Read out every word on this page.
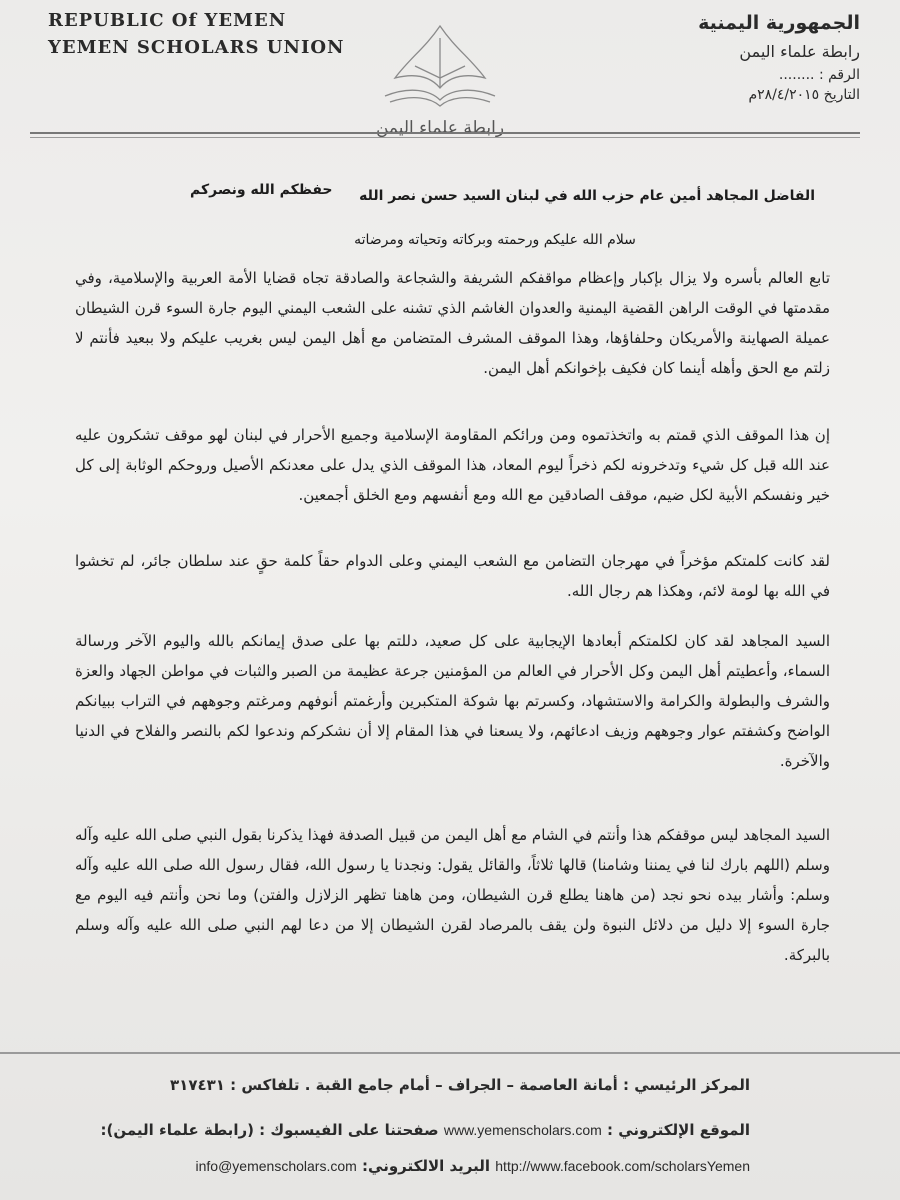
REPUBLIC Of YEMEN
YEMEN SCHOLARS UNION
رابطة علماء اليمن
الجمهورية اليمنية
رابطة علماء اليمن
الرقم : ........
التاريخ ٢٨/٤/٢٠١٥م
الفاضل المجاهد أمين عام حزب الله في لبنان السيد حسن نصر الله
حفظكم الله ونصركم
سلام الله عليكم ورحمته وبركاته وتحياته ومرضاته
تابع العالم بأسره ولا يزال بإكبار وإعظام مواقفكم الشريفة والشجاعة والصادقة تجاه قضايا الأمة العربية والإسلامية، وفي مقدمتها في الوقت الراهن القضية اليمنية والعدوان الغاشم الذي تشنه على الشعب اليمني اليوم جارة السوء قرن الشيطان عميلة الصهاينة والأمريكان وحلفاؤها، وهذا الموقف المشرف المتضامن مع أهل اليمن ليس بغريب عليكم ولا ببعيد فأنتم لا زلتم مع الحق وأهله أينما كان فكيف بإخوانكم أهل اليمن.
إن هذا الموقف الذي قمتم به واتخذتموه ومن ورائكم المقاومة الإسلامية وجميع الأحرار في لبنان لهو موقف تشكرون عليه عند الله قبل كل شيء وتدخرونه لكم ذخراً ليوم المعاد، هذا الموقف الذي يدل على معدنكم الأصيل وروحكم الوثابة إلى كل خير ونفسكم الأبية لكل ضيم، موقف الصادقين مع الله ومع أنفسهم ومع الخلق أجمعين.
لقد كانت كلمتكم مؤخراً في مهرجان التضامن مع الشعب اليمني وعلى الدوام حقاً كلمة حقٍ عند سلطان جائر، لم تخشوا في الله بها لومة لائم، وهكذا هم رجال الله.
السيد المجاهد لقد كان لكلمتكم أبعادها الإيجابية على كل صعيد، دللتم بها على صدق إيمانكم بالله واليوم الآخر ورسالة السماء، وأعطيتم أهل اليمن وكل الأحرار في العالم من المؤمنين جرعة عظيمة من الصبر والثبات في مواطن الجهاد والعزة والشرف والبطولة والكرامة والاستشهاد، وكسرتم بها شوكة المتكبرين وأرغمتم أنوفهم ومرغتم وجوههم في التراب ببيانكم الواضح وكشفتم عوار وجوههم وزيف ادعائهم، ولا يسعنا في هذا المقام إلا أن نشكركم وندعوا لكم بالنصر والفلاح في الدنيا والآخرة.
السيد المجاهد ليس موقفكم هذا وأنتم في الشام مع أهل اليمن من قبيل الصدفة فهذا يذكرنا بقول النبي صلى الله عليه وآله وسلم (اللهم بارك لنا في يمننا وشامنا) قالها ثلاثاً، والقائل يقول: ونجدنا يا رسول الله، فقال رسول الله صلى الله عليه وآله وسلم: وأشار بيده نحو نجد (من هاهنا يطلع قرن الشيطان، ومن هاهنا تظهر الزلازل والفتن) وما نحن وأنتم فيه اليوم مع جارة السوء إلا دليل من دلائل النبوة ولن يقف بالمرصاد لقرن الشيطان إلا من دعا لهم النبي صلى الله عليه وآله وسلم بالبركة.
المركز الرئيسي : أمانة العاصمة – الجراف – أمام جامع القبة . تلفاكس : ٣١٧٤٣١
الموقع الإلكتروني : www.yemenscholars.com صفحتنا على الفيسبوك : (رابطة علماء اليمن):
http://www.facebook.com/scholarsYemen البريد الالكتروني: info@yemenscholars.com
